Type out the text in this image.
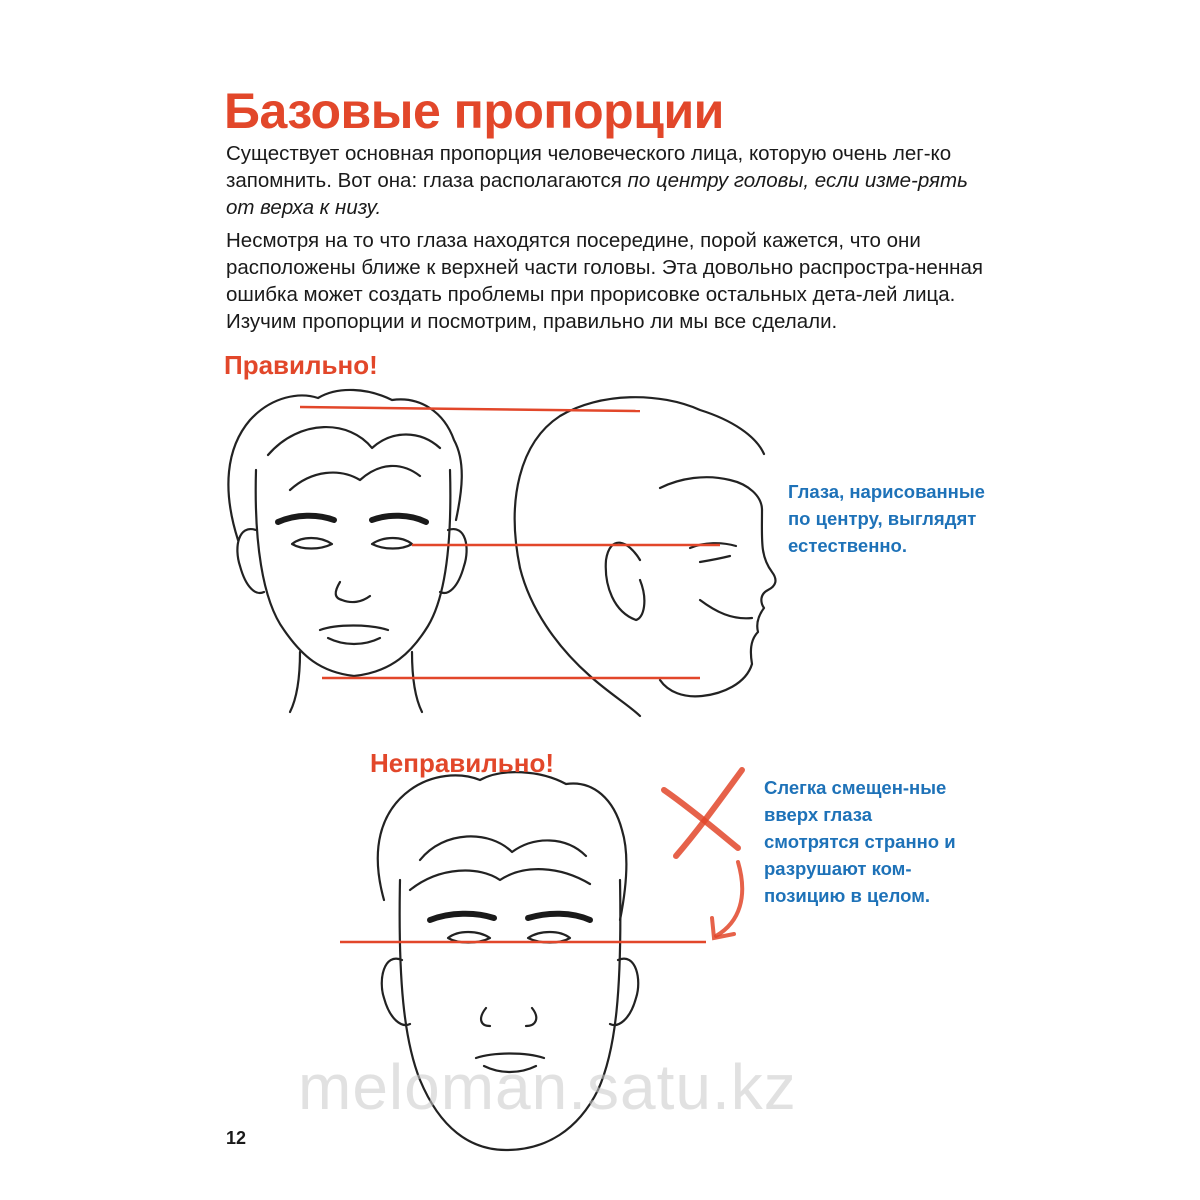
Базовые пропорции

Существует основная пропорция человеческого лица, которую очень лег-ко запомнить. Вот она: глаза располагаются по центру головы, если изме-рять от верха к низу.

Несмотря на то что глаза находятся посередине, порой кажется, что они расположены ближе к верхней части головы. Эта довольно распростра-ненная ошибка может создать проблемы при прорисовке остальных дета-лей лица. Изучим пропорции и посмотрим, правильно ли мы все сделали.

Правильно!
Неправильно!

Глаза, нарисованные по центру, выглядят естественно.

Слегка смещен-ные вверх глаза смотрятся странно и разрушают ком-позицию в целом.

meloman.satu.kz

12
